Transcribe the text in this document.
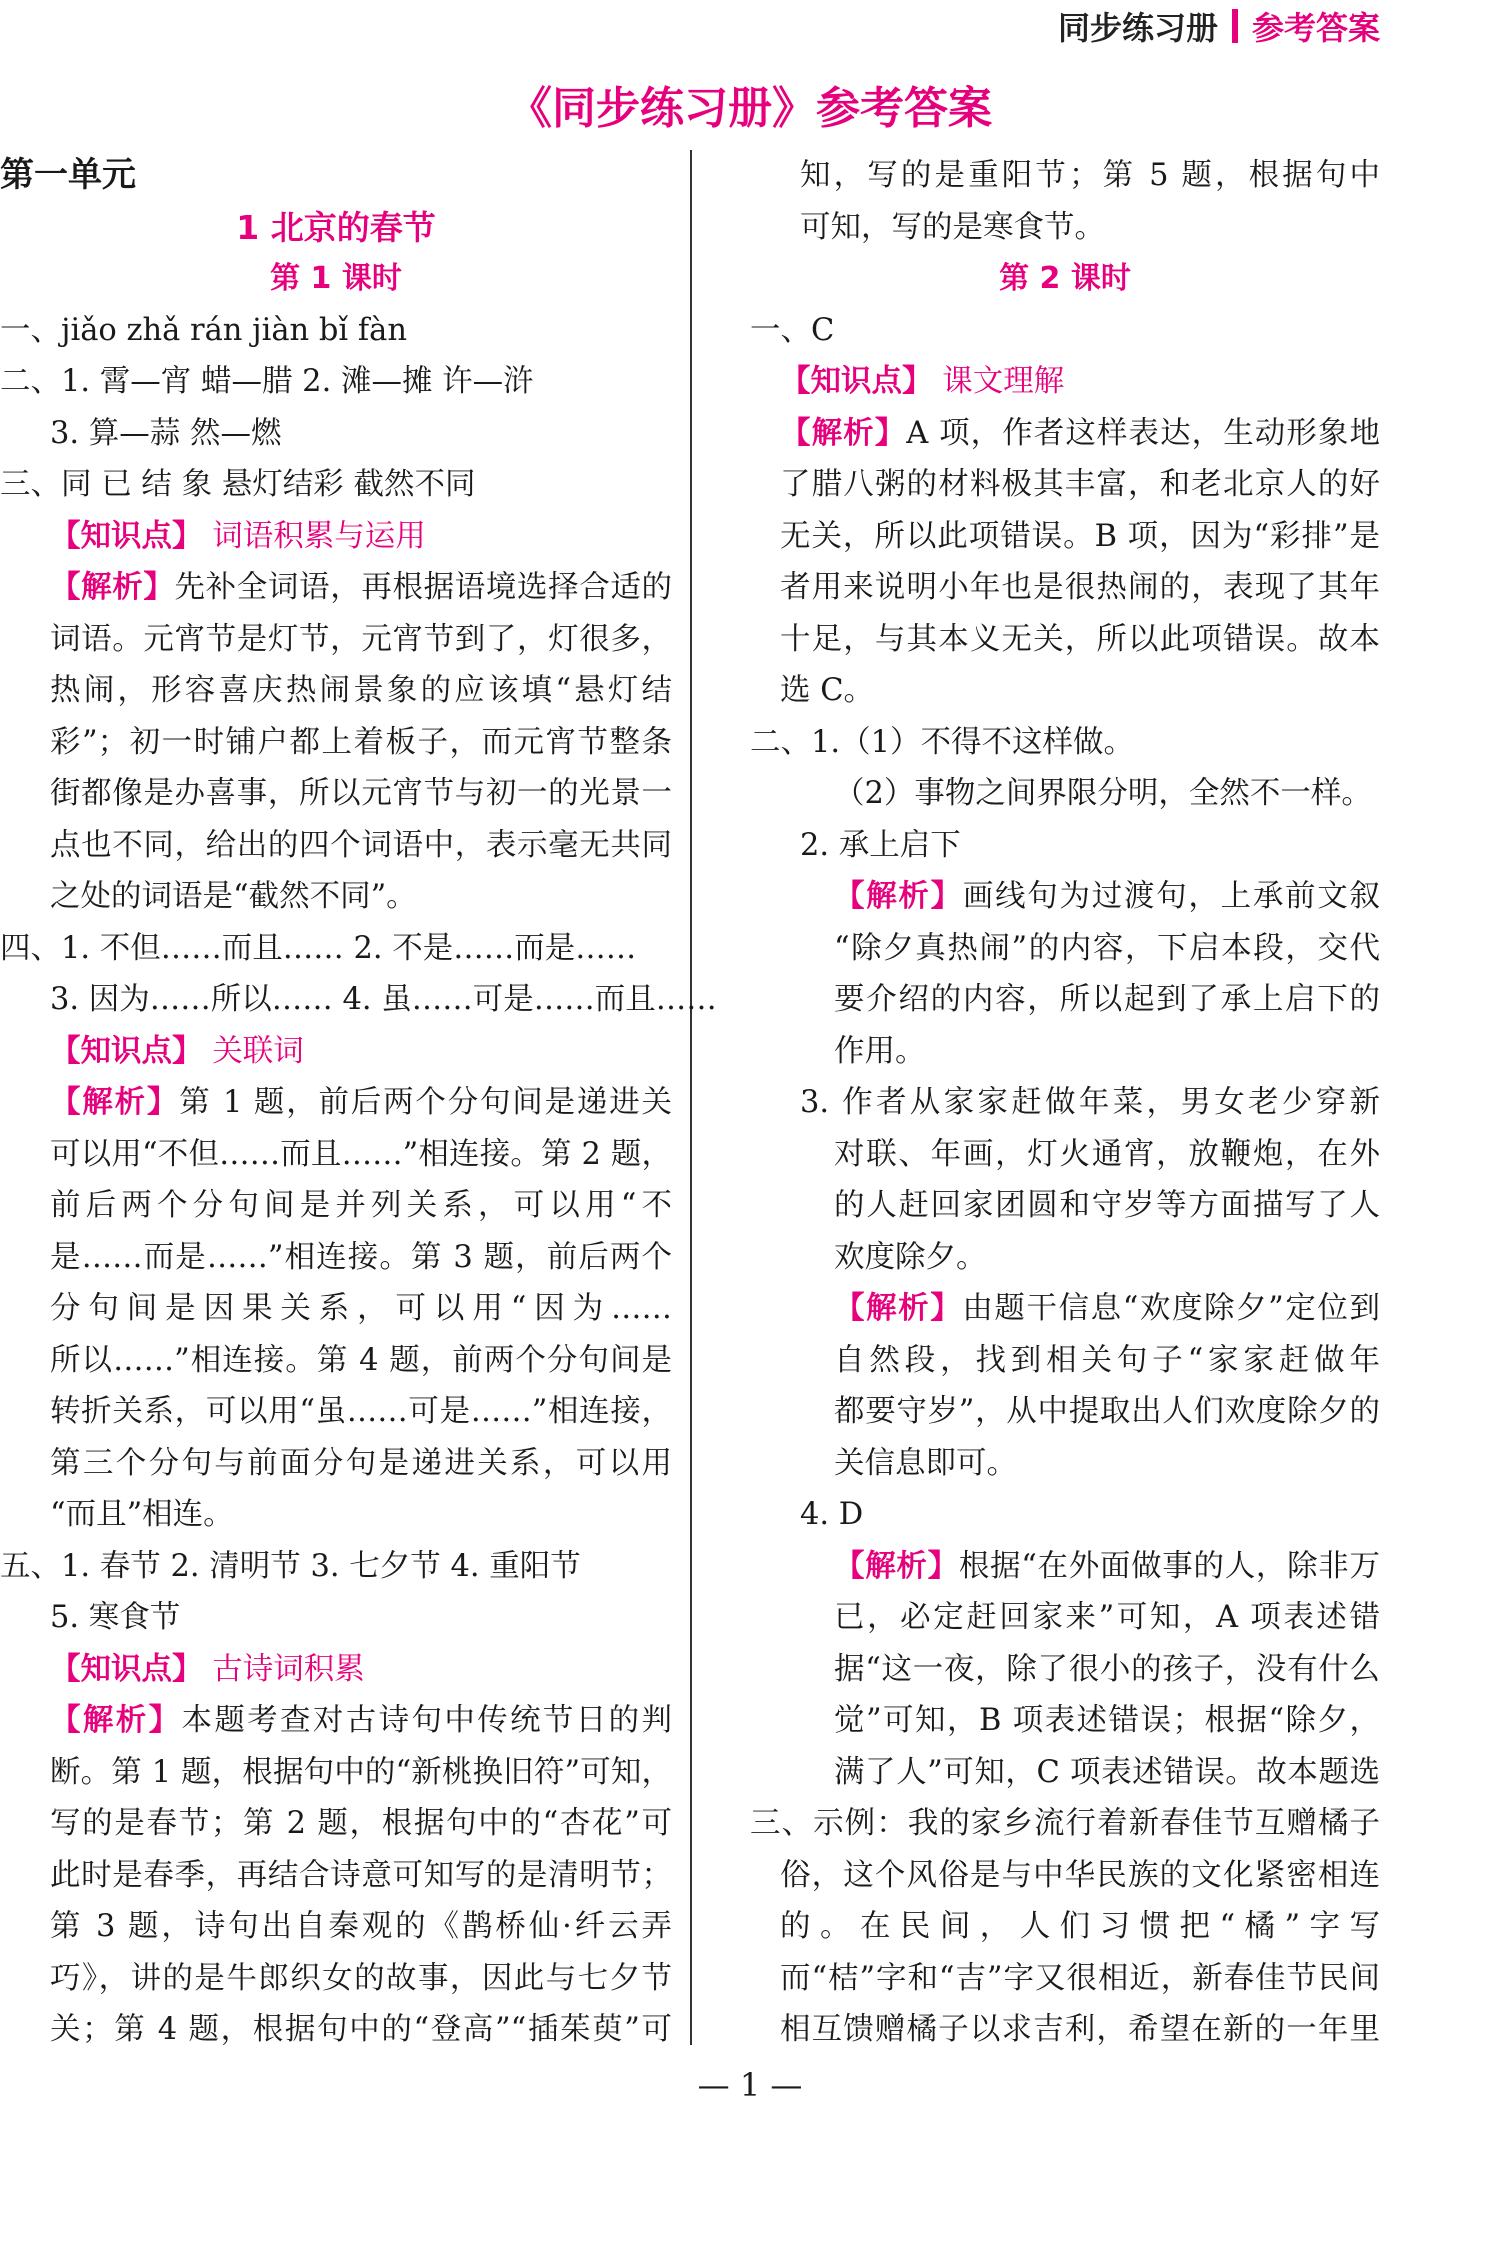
同步练习册 参考答案
《同步练习册》参考答案
第一单元
1 北京的春节
第 1 课时
一、jiǎo zhǎ rán jiàn bǐ fàn
二、1. 霄—宵 蜡—腊 2. 滩—摊 许—浒
3. 算—蒜 然—燃
三、同 已 结 象 悬灯结彩 截然不同
【知识点】 词语积累与运用
【解析】先补全词语，再根据语境选择合适的
词语。元宵节是灯节，元宵节到了，灯很多，
热闹，形容喜庆热闹景象的应该填“悬灯结
彩”；初一时铺户都上着板子，而元宵节整条
街都像是办喜事，所以元宵节与初一的光景一
点也不同，给出的四个词语中，表示毫无共同
之处的词语是“截然不同”。
四、1. 不但……而且…… 2. 不是……而是……
3. 因为……所以…… 4. 虽……可是……而且……
【知识点】 关联词
【解析】第 1 题，前后两个分句间是递进关
可以用“不但……而且……”相连接。第 2 题，
前后两个分句间是并列关系，可以用“不
是……而是……”相连接。第 3 题，前后两个
分句间是因果关系，可以用“因为……
所以……”相连接。第 4 题，前两个分句间是
转折关系，可以用“虽……可是……”相连接，
第三个分句与前面分句是递进关系，可以用
“而且”相连。
五、1. 春节 2. 清明节 3. 七夕节 4. 重阳节
5. 寒食节
【知识点】 古诗词积累
【解析】本题考查对古诗句中传统节日的判
断。第 1 题，根据句中的“新桃换旧符”可知，
写的是春节；第 2 题，根据句中的“杏花”可
此时是春季，再结合诗意可知写的是清明节；
第 3 题，诗句出自秦观的《鹊桥仙·纤云弄
巧》，讲的是牛郎织女的故事，因此与七夕节
关；第 4 题，根据句中的“登高”“插茱萸”可
知，写的是重阳节；第 5 题，根据句中
可知，写的是寒食节。
第 2 课时
一、C
【知识点】 课文理解
【解析】A 项，作者这样表达，生动形象地
了腊八粥的材料极其丰富，和老北京人的好
无关，所以此项错误。B 项，因为“彩排”是
者用来说明小年也是很热闹的，表现了其年
十足，与其本义无关，所以此项错误。故本
选 C。
二、1.（1）不得不这样做。
（2）事物之间界限分明，全然不一样。
2. 承上启下
【解析】画线句为过渡句，上承前文叙
“除夕真热闹”的内容，下启本段，交代
要介绍的内容，所以起到了承上启下的
作用。
3. 作者从家家赶做年菜，男女老少穿新
对联、年画，灯火通宵，放鞭炮，在外
的人赶回家团圆和守岁等方面描写了人
欢度除夕。
【解析】由题干信息“欢度除夕”定位到
自然段，找到相关句子“家家赶做年
都要守岁”，从中提取出人们欢度除夕的
关信息即可。
4. D
【解析】根据“在外面做事的人，除非万
已，必定赶回家来”可知，A 项表述错
据“这一夜，除了很小的孩子，没有什么
觉”可知，B 项表述错误；根据“除夕，
满了人”可知，C 项表述错误。故本题选
三、示例：我的家乡流行着新春佳节互赠橘子
俗，这个风俗是与中华民族的文化紧密相连
的。在民间，人们习惯把“橘”字写
而“桔”字和“吉”字又很相近，新春佳节民间
相互馈赠橘子以求吉利，希望在新的一年里
— 1 —
